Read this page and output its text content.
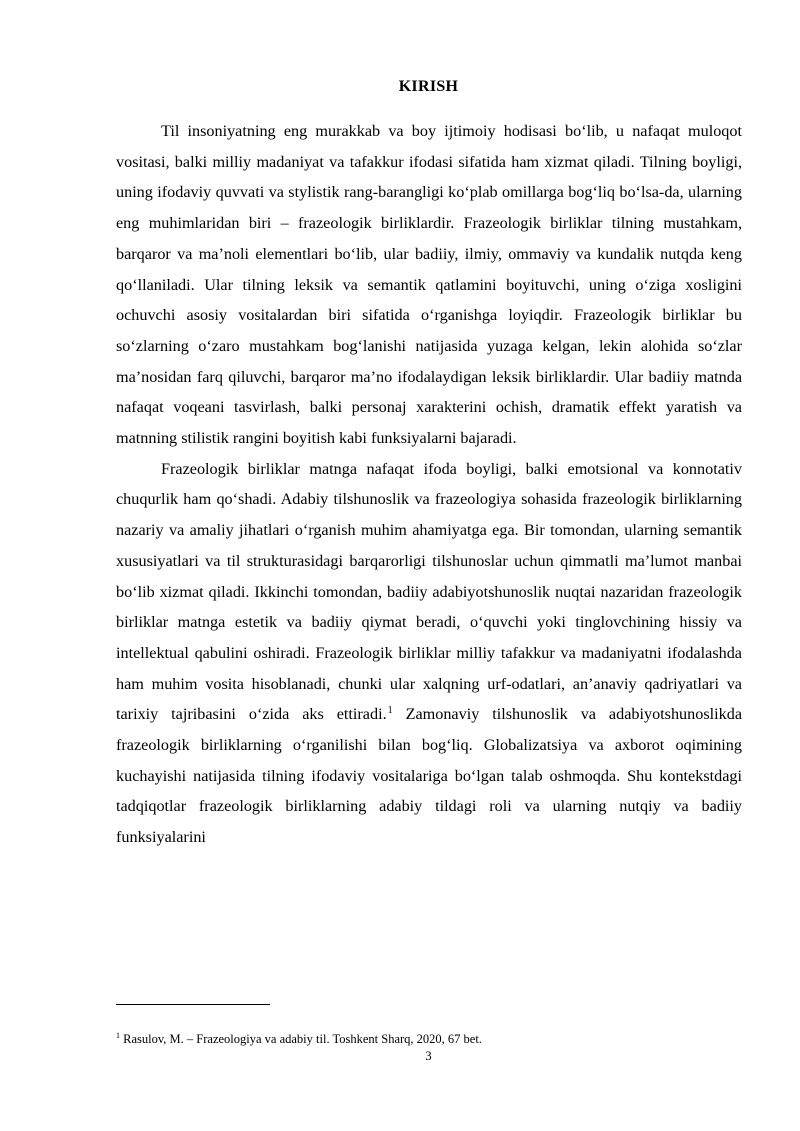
KIRISH

Til insoniyatning eng murakkab va boy ijtimoiy hodisasi bo‘lib, u nafaqat muloqot vositasi, balki milliy madaniyat va tafakkur ifodasi sifatida ham xizmat qiladi. Tilning boyligi, uning ifodaviy quvvati va stylistik rang-barangligi ko‘plab omillarga bog‘liq bo‘lsa-da, ularning eng muhimlaridan biri – frazeologik birliklardir. Frazeologik birliklar tilning mustahkam, barqaror va ma’noli elementlari bo‘lib, ular badiiy, ilmiy, ommaviy va kundalik nutqda keng qo‘llaniladi. Ular tilning leksik va semantik qatlamini boyituvchi, uning o‘ziga xosligini ochuvchi asosiy vositalardan biri sifatida o‘rganishga loyiqdir. Frazeologik birliklar bu so‘zlarning o‘zaro mustahkam bog‘lanishi natijasida yuzaga kelgan, lekin alohida so‘zlar ma’nosidan farq qiluvchi, barqaror ma’no ifodalaydigan leksik birliklardir. Ular badiiy matnda nafaqat voqeani tasvirlash, balki personaj xarakterini ochish, dramatik effekt yaratish va matnning stilistik rangini boyitish kabi funksiyalarni bajaradi.

Frazeologik birliklar matnga nafaqat ifoda boyligi, balki emotsional va konnotativ chuqurlik ham qo‘shadi. Adabiy tilshunoslik va frazeologiya sohasida frazeologik birliklarning nazariy va amaliy jihatlari o‘rganish muhim ahamiyatga ega. Bir tomondan, ularning semantik xususiyatlari va til strukturasidagi barqarorligi tilshunoslar uchun qimmatli ma’lumot manbai bo‘lib xizmat qiladi. Ikkinchi tomondan, badiiy adabiyotshunoslik nuqtai nazaridan frazeologik birliklar matnga estetik va badiiy qiymat beradi, o‘quvchi yoki tinglovchining hissiy va intellektual qabulini oshiradi. Frazeologik birliklar milliy tafakkur va madaniyatni ifodalashda ham muhim vosita hisoblanadi, chunki ular xalqning urf-odatlari, an’anaviy qadriyatlari va tarixiy tajribasini o‘zida aks ettiradi.$^1$ Zamonaviy tilshunoslik va adabiyotshunoslikda frazeologik birliklarning o‘rganilishi bilan bog‘liq. Globalizatsiya va axborot oqimining kuchayishi natijasida tilning ifodaviy vositalariga bo‘lgan talab oshmoqda. Shu kontekstdagi tadqiqotlar frazeologik birliklarning adabiy tildagi roli va ularning nutqiy va badiiy funksiyalarini

$^1$ Rasulov, M. – Frazeologiya va adabiy til. Toshkent Sharq, 2020, 67 bet.
3
